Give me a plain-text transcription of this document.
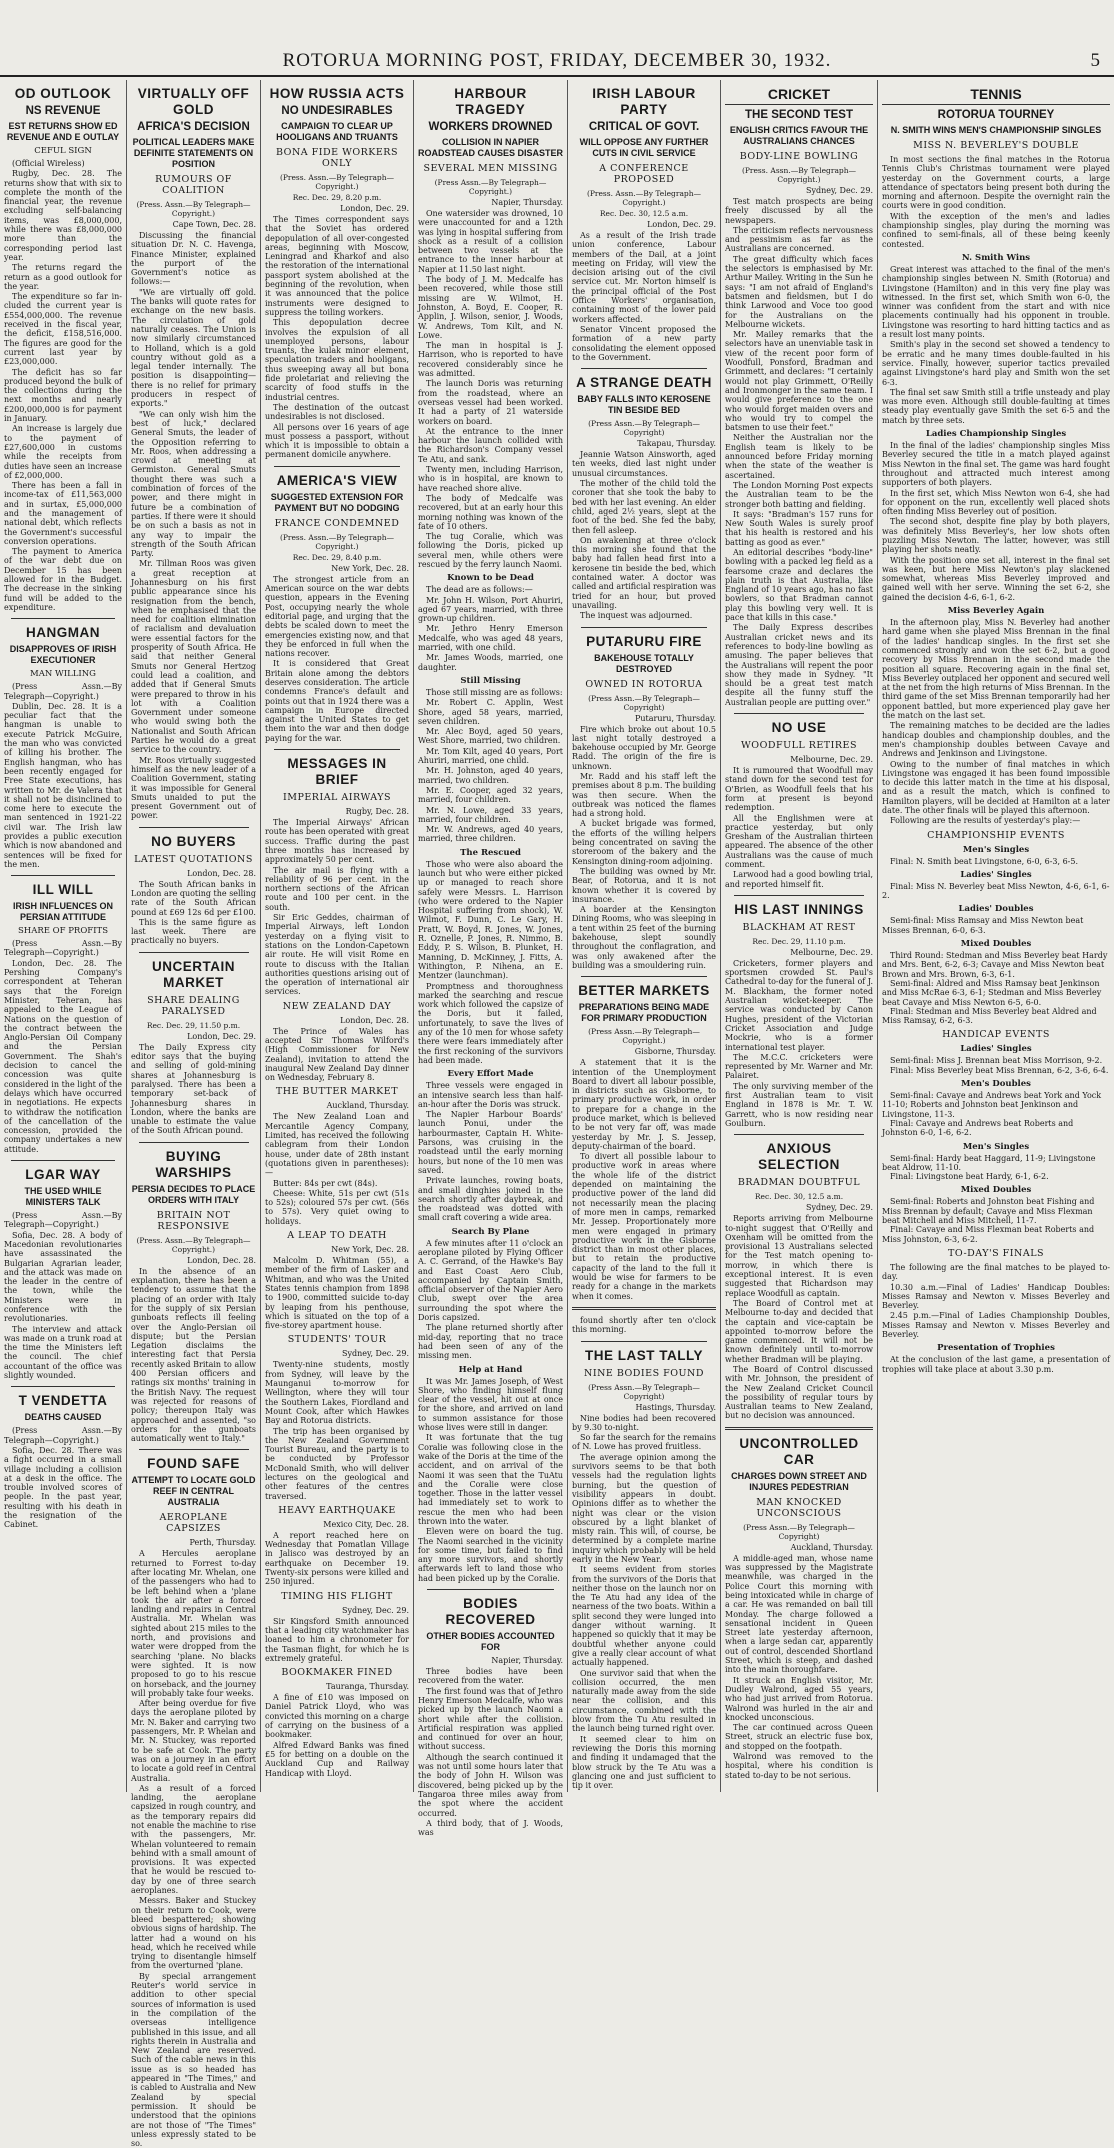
ROTORUA MORNING POST, FRIDAY, DECEMBER 30, 1932.	5
OD OUTLOOK
NS REVENUE
EST RETURNS SHOW ED REVENUE AND E OUTLAY
CEFUL SIGN

(Official Wireless)

Rugby, Dec. 28. The returns show that with six to complete the month of the financial year, the revenue excluding self-balancing items, was £8,000,000, while there was £8,000,000 more than the corresponding period last year.

The returns regard the return as a good outlook for the year.

The expenditure so far in-cluded the current year is £554,000,000. The revenue received in the fiscal year, the deficit, £158,516,000. The figures are good for the current last year by £23,000,000.

The deficit has so far produced beyond the bulk of the collections during the next months and nearly £200,000,000 is for payment in January.

An increase is largely due to the payment of £27,600,000 in customs while the receipts from duties have seen an increase of £2,000,000.

There has been a fall in income-tax of £11,563,000 and in surtax, £5,000,000 and the management of national debt, which reflects the Government's successful conversion operations.

The payment to America of the war debt due on December 15 has been allowed for in the Budget. The decrease in the sinking fund will be added to the expenditure.

HANGMAN
DISAPPROVES OF IRISH EXECUTIONER
MAN WILLING

(Press Assn.—By Telegraph—Copyright.)

Dublin, Dec. 28. It is a peculiar fact that the hangman is unable to execute Patrick McGuire, the man who was convicted of killing his brother. The English hangman, who has been recently engaged for Free State executions, has written to Mr. de Valera that it shall not be disinclined to come here to execute the man sentenced in 1921-22 civil war. The Irish law provides a public execution which is now abandoned and sentences will be fixed for the men.

ILL WILL
IRISH INFLUENCES ON PERSIAN ATTITUDE
SHARE OF PROFITS

(Press Assn.—By Telegraph—Copyright.)

London, Dec. 28. The Pershing Company's correspondent at Teheran says that the Foreign Minister, Teheran, has appealed to the League of Nations on the question of the contract between the Anglo-Persian Oil Company and the Persian Government. The Shah's decision to cancel the concession was quite considered in the light of the delays which have occurred in negotiations. He expects to withdraw the notification of the cancellation of the concession, provided the company undertakes a new attitude.

LGAR WAY
THE USED WHILE MINISTERS TALK

(Press Assn.—By Telegraph—Copyright.)

Sofia, Dec. 28. A body of Macedonian revolutionaries have assassinated the Bulgarian Agrarian leader, and the attack was made on the leader in the centre of the town, while the Ministers were in conference with the revolutionaries.

The interview and attack was made on a trunk road at the time the Ministers left the council. The chief accountant of the office was slightly wounded.

T VENDETTA
DEATHS CAUSED

(Press Assn.—By Telegraph—Copyright.)

Sofia, Dec. 28. There was a fight occurred in a small village including a collision at a desk in the office. The trouble involved scores of people. In the past year, resulting with his death in the resignation of the Cabinet.

VIRTUALLY OFF GOLD
AFRICA'S DECISION
POLITICAL LEADERS MAKE DEFINITE STATEMENTS ON POSITION
RUMOURS OF COALITION
(Press. Assn.—By Telegraph—Copyright.)
Cape Town, Dec. 28.

Discussing the financial situation Dr. N. C. Havenga, Finance Minister, explained the purport of the Government's notice as follows:—

"We are virtually off gold. The banks will quote rates for exchange on the new basis. The circulation of gold naturally ceases. The Union is now similarly circumstanced to Holland, which is a gold country without gold as a legal tender internally. The position is disappointing—there is no relief for primary producers in respect of exports."

"We can only wish him the best of luck," declared General Smuts, the leader of the Opposition referring to Mr. Roos, when addressing a crowd at meeting at Germiston. General Smuts thought there was such a combination of forces of the power, and there might in future be a combination of parties. If there were it should be on such a basis as not in any way to impair the strength of the South African Party.

Mr. Tillman Roos was given a great reception at Johannesburg on his first public appearance since his resignation from the bench, when he emphasised that the need for coalition elimination of racialism and devaluation were essential factors for the prosperity of South Africa. He said that neither General Smuts nor General Hertzog could lead a coalition, and added that if General Smuts were prepared to throw in his lot with a Coalition Government under someone who would swing both the Nationalist and South African Parties he would do a great service to the country.

Mr. Roos virtually suggested himself as the new leader of a Coalition Government, stating it was impossible for General Smuts unaided to put the present Government out of power.

NO BUYERS
LATEST QUOTATIONS
London, Dec. 28.

The South African banks in London are quoting the selling rate of the South African pound at £69 12s 6d per £100.

This is the same figure as last week. There are practically no buyers.

UNCERTAIN MARKET
SHARE DEALING PARALYSED
Rec. Dec. 29, 11.50 p.m.
London, Dec. 29.

The Daily Express city editor says that the buying and selling of gold-mining shares at Johannesburg is paralysed. There has been a temporary set-back of Johannesburg shares in London, where the banks are unable to estimate the value of the South African pound.

BUYING WARSHIPS
PERSIA DECIDES TO PLACE ORDERS WITH ITALY
BRITAIN NOT RESPONSIVE
(Press. Assn.—By Telegraph—Copyright.)
London, Dec. 28.

In the absence of an explanation, there has been a tendency to assume that the placing of an order with Italy for the supply of six Persian gunboats reflects ill feeling over the Anglo-Persian oil dispute; but the Persian Legation disclaims the interesting fact that Persia recently asked Britain to allow 400 Persian officers and ratings six months' training in the British Navy. The request was rejected for reasons of policy; thereupon Italy was approached and assented, "so orders for the gunboats automatically went to Italy."

FOUND SAFE
ATTEMPT TO LOCATE GOLD REEF IN CENTRAL AUSTRALIA
AEROPLANE CAPSIZES
Perth, Thursday.

A Hercules aeroplane returned to Forrest to-day after locating Mr. Whelan, one of the passengers who had to be left behind when a 'plane took the air after a forced landing and repairs in Central Australia. Mr. Whelan was sighted about 215 miles to the north, and provisions and water were dropped from the searching 'plane. No blacks were sighted. It is now proposed to go to his rescue on horseback, and the journey will probably take four weeks.

After being overdue for five days the aeroplane piloted by Mr. N. Baker and carrying two passengers, Mr. P. Whelan and Mr. N. Stuckey, was reported to be safe at Cook. The party was on a journey in an effort to locate a gold reef in Central Australia.

As a result of a forced landing, the aeroplane capsized in rough country, and as the temporary repairs did not enable the machine to rise with the passengers, Mr. Whelan volunteered to remain behind with a small amount of provisions. It was expected that he would be rescued to-day by one of three search aeroplanes.

Messrs. Baker and Stuckey on their return to Cook, were bleed bespattered; showing obvious signs of hardship. The latter had a wound on his head, which he received while trying to disentangle himself from the overturned 'plane.

By special arrangement Reuter's world service in addition to other special sources of information is used in the compilation of the overseas intelligence published in this issue, and all rights therein in Australia and New Zealand are reserved. Such of the cable news in this issue as is so headed has appeared in "The Times," and is cabled to Australia and New Zealand by special permission. It should be understood that the opinions are not those of "The Times" unless expressly stated to be so.

HOW RUSSIA ACTS
NO UNDESIRABLES
CAMPAIGN TO CLEAR UP HOOLIGANS AND TRUANTS
BONA FIDE WORKERS ONLY
(Press. Assn.—By Telegraph—Copyright.)
Rec. Dec. 29, 8.20 p.m.
London, Dec. 29.

The Times correspondent says that the Soviet has ordered depopulation of all over-congested areas, beginning with Moscow, Leningrad and Kharkof and also the restoration of the international passport system abolished at the beginning of the revolution, when it was announced that the police instruments were designed to suppress the toiling workers.

This depopulation decree involves the expulsion of all unemployed persons, labour truants, the kulak minor element, speculation traders and hooligans, thus sweeping away all but bona fide proletariat and relieving the scarcity of food stuffs in the industrial centres.

The destination of the outcast undesirables is not disclosed.

All persons over 16 years of age must possess a passport, without which it is impossible to obtain a permanent domicile anywhere.

AMERICA'S VIEW
SUGGESTED EXTENSION FOR PAYMENT BUT NO DODGING
FRANCE CONDEMNED
(Press. Assn.—By Telegraph—Copyright.)
Rec. Dec. 29, 8.40 p.m.
New York, Dec. 28.

The strongest article from an American source on the war debts question, appears in the Evening Post, occupying nearly the whole editorial page, and urging that the debts be scaled down to meet the emergencies existing now, and that they be enforced in full when the nations recover.

It is considered that Great Britain alone among the debtors deserves consideration. The article condemns France's default and points out that in 1924 there was a campaign in Europe directed against the United States to get them into the war and then dodge paying for the war.

MESSAGES IN BRIEF
IMPERIAL AIRWAYS
Rugby, Dec. 28.

The Imperial Airways' African route has been operated with great success. Traffic during the past three months has increased by approximately 50 per cent.

The air mail is flying with a reliability of 96 per cent. in the northern sections of the African route and 100 per cent. in the south.

Sir Eric Geddes, chairman of Imperial Airways, left London yesterday on a flying visit to stations on the London-Capetown air route. He will visit Rome en route to discuss with the Italian authorities questions arising out of the operation of international air services.

NEW ZEALAND DAY
London, Dec. 28.

The Prince of Wales has accepted Sir Thomas Wilford's (High Commissioner for New Zealand), invitation to attend the inaugural New Zealand Day dinner on Wednesday, February 8.

THE BUTTER MARKET
Auckland, Thursday.

The New Zealand Loan and Mercantile Agency Company, Limited, has received the following cablegram from their London house, under date of 28th instant (quotations given in parentheses):—

Butter: 84s per cwt (84s).

Cheese: White, 51s per cwt (51s to 52s); coloured 57s per cwt. (56s to 57s). Very quiet owing to holidays.

A LEAP TO DEATH
New York, Dec. 28.

Malcolm D. Whitman (55), a member of the firm of Lasker and Whitman, and who was the United States tennis champion from 1898 to 1900, committed suicide to-day by leaping from his penthouse, which is situated on the top of a five-storey apartment house.

STUDENTS' TOUR
Sydney, Dec. 29.

Twenty-nine students, mostly from Sydney, will leave by the Maunganui to-morrow for Wellington, where they will tour the Southern Lakes, Fiordland and Mount Cook, after which Hawkes Bay and Rotorua districts.

The trip has been organised by the New Zealand Government Tourist Bureau, and the party is to be conducted by Professor McDonald Smith, who will deliver lectures on the geological and other features of the centres traversed.

HEAVY EARTHQUAKE
Mexico City, Dec. 28.

A report reached here on Wednesday that Pomatlan Village in Jalisco was destroyed by an earthquake on December 19. Twenty-six persons were killed and 250 injured.

TIMING HIS FLIGHT
Sydney, Dec. 29.

Sir Kingsford Smith announced that a leading city watchmaker has loaned to him a chronometer for the Tasman flight, for which he is extremely grateful.

BOOKMAKER FINED
Tauranga, Thursday.

A fine of £10 was imposed on Daniel Patrick Lloyd, who was convicted this morning on a charge of carrying on the business of a bookmaker.

Alfred Edward Banks was fined £5 for betting on a double on the Auckland Cup and Railway Handicap with Lloyd.

HARBOUR TRAGEDY
WORKERS DROWNED
COLLISION IN NAPIER ROADSTEAD CAUSES DISASTER
SEVERAL MEN MISSING
(Press Assn.—By Telegraph—Copyright.)
Napier, Thursday.

One watersider was drowned, 10 were unaccounted for and a 12th was lying in hospital suffering from shock as a result of a collision between two vessels at the entrance to the inner harbour at Napier at 11.50 last night.

The body of J. M. Medcalfe has been recovered, while those still missing are W. Wilmot, H. Johnston, A. Boyd, E. Cooper, R. Applin, J. Wilson, senior, J. Woods, W. Andrews, Tom Kilt, and N. Lowe.

The man in hospital is J. Harrison, who is reported to have recovered considerably since he was admitted.

The launch Doris was returning from the roadstead, where an overseas vessel had been worked. It had a party of 21 waterside workers on board.

At the entrance to the inner harbour the launch collided with the Richardson's Company vessel Te Atu, and sank.

Twenty men, including Harrison, who is in hospital, are known to have reached shore alive.

The body of Medcalfe was recovered, but at an early hour this morning nothing was known of the fate of 10 others.

The tug Coralie, which was following the Doris, picked up several men, while others were rescued by the ferry launch Naomi.

Known to be Dead

The dead are as follows:—

Mr. John H. Wilson, Port Ahuriri, aged 67 years, married, with three grown-up children.

Mr. Jethro Henry Emerson Medcalfe, who was aged 48 years, married, with one child.

Mr. James Woods, married, one daughter.

Still Missing

Those still missing are as follows:

Mr. Robert C. Applin, West Shore, aged 58 years, married, seven children.

Mr. Alec Boyd, aged 50 years, West Shore, married, two children.

Mr. Tom Kilt, aged 40 years, Port Ahuriri, married, one child.

Mr. H. Johnston, aged 40 years, married, two children.

Mr. E. Cooper, aged 32 years, married, four children.

Mr. N. Lowe, aged 33 years, married, four children.

Mr. W. Andrews, aged 40 years, married, three children.

The Rescued

Those who were also aboard the launch but who were either picked up or managed to reach shore safely were Messrs. L. Harrison (who were ordered to the Napier Hospital suffering from shock), W. Wilmot, F. Dunn, C. Le Gary, H. Pratt, W. Boyd, R. Jones, W. Jones, R. Oznelle, P. Jones, R. Nimmo, B. Eddy, P. S. Wilson, B. Plunket, H. Manning, D. McKinney, J. Fitts, A. Withington, P. Nihena, an E. Mentzer (launchman).

Promptness and thoroughness marked the searching and rescue work which followed the capsize of the Doris, but it failed, unfortunately, to save the lives of any of the 10 men for whose safety there were fears immediately after the first reckoning of the survivors had been made.

Every Effort Made

Three vessels were engaged in an intensive search less than half-an-hour after the Doris was struck.

The Napier Harbour Boards' launch Ponui, under the harbourmaster, Captain H. White-Parsons, was cruising in the roadstead until the early morning hours, but none of the 10 men was saved.

Private launches, rowing boats, and small dinghies joined in the search shortly after daybreak, and the roadstead was dotted with small craft covering a wide area.

Search By Plane

A few minutes after 11 o'clock an aeroplane piloted by Flying Officer A. C. Gerrand, of the Hawke's Bay and East Coast Aero Club, accompanied by Captain Smith, official observer of the Napier Aero Club, swept over the area surrounding the spot where the Doris capsized.

The plane returned shortly after mid-day, reporting that no trace had been seen of any of the missing men.

Help at Hand

It was Mr. James Joseph, of West Shore, who finding himself flung clear of the vessel, hit out at once for the shore, and arrived on land to summon assistance for those whose lives were still in danger.

It was fortunate that the tug Coralie was following close in the wake of the Doris at the time of the accident, and on arrival of the Naomi it was seen that the TuAtu and the Coralie were close together. Those in the latter vessel had immediately set to work to rescue the men who had been thrown into the water.

Eleven were on board the tug. The Naomi searched in the vicinity for some time, but failed to find any more survivors, and shortly afterwards left to land those who had been picked up by the Coralie.

BODIES RECOVERED
OTHER BODIES ACCOUNTED FOR
Napier, Thursday.

Three bodies have been recovered from the water.

The first found was that of Jethro Henry Emerson Medcalfe, who was picked up by the launch Naomi a short while after the collision. Artificial respiration was applied and continued for over an hour, without success.

Although the search continued it was not until some hours later that the body of John H. Wilson was discovered, being picked up by the Tangaroa three miles away from the spot where the accident occurred.

A third body, that of J. Woods, was

IRISH LABOUR PARTY
CRITICAL OF GOVT.
WILL OPPOSE ANY FURTHER CUTS IN CIVIL SERVICE
A CONFERENCE PROPOSED
(Press. Assn.—By Telegraph—Copyright.)
Rec. Dec. 30, 12.5 a.m.
London, Dec. 29.

As a result of the Irish trade union conference, Labour members of the Dail, at a joint meeting on Friday, will view the decision arising out of the civil service cut. Mr. Norton himself is the principal official of the Post Office Workers' organisation, containing most of the lower paid workers affected.

Senator Vincent proposed the formation of a new party consolidating the element opposed to the Government.

A STRANGE DEATH
BABY FALLS INTO KEROSENE TIN BESIDE BED
(Press Assn.—By Telegraph—Copyright)
Takapau, Thursday.

Jeannie Watson Ainsworth, aged ten weeks, died last night under unusual circumstances.

The mother of the child told the coroner that she took the baby to bed with her last evening. An elder child, aged 2½ years, slept at the foot of the bed. She fed the baby, then fell asleep.

On awakening at three o'clock this morning she found that the baby had fallen head first into a kerosene tin beside the bed, which contained water. A doctor was called and artificial respiration was tried for an hour, but proved unavailing.

The inquest was adjourned.

PUTARURU FIRE
BAKEHOUSE TOTALLY DESTROYED
OWNED IN ROTORUA
(Press Assn.—By Telegraph—Copyright)
Putaruru, Thursday.

Fire which broke out about 10.5 last night totally destroyed a bakehouse occupied by Mr. George Radd. The origin of the fire is unknown.

Mr. Radd and his staff left the premises about 8 p.m. The building was then secure. When the outbreak was noticed the flames had a strong hold.

A bucket brigade was formed, the efforts of the willing helpers being concentrated on saving the storeroom of the bakery and the Kensington dining-room adjoining.

The building was owned by Mr. Bear, of Rotorua, and it is not known whether it is covered by insurance.

A boarder at the Kensington Dining Rooms, who was sleeping in a tent within 25 feet of the burning bakehouse, slept soundly throughout the conflagration, and was only awakened after the building was a smouldering ruin.

BETTER MARKETS
PREPARATIONS BEING MADE FOR PRIMARY PRODUCTION
(Press Assn.—By Telegraph—Copyright.)
Gisborne, Thursday.

A statement that it is the intention of the Unemployment Board to divert all labour possible, in districts such as Gisborne, to primary productive work, in order to prepare for a change in the produce market, which is believed to be not very far off, was made yesterday by Mr. J. S. Jessep, deputy-chairman of the board.

To divert all possible labour to productive work in areas where the whole life of the district depended on maintaining the productive power of the land did not necessarily mean the placing of more men in camps, remarked Mr. Jessep. Proportionately more men were engaged in primary productive work in the Gisborne district than in most other places, but to retain the productive capacity of the land to the full it would be wise for farmers to be ready for a change in the markets when it comes.

found shortly after ten o'clock this morning.

THE LAST TALLY
NINE BODIES FOUND
(Press Assn.—By Telegraph—Copyright)
Hastings, Thursday.

Nine bodies had been recovered by 9.30 to-night.

So far the search for the remains of N. Lowe has proved fruitless.

The average opinion among the survivors seems to be that both vessels had the regulation lights burning, but the question of visibility appears in doubt. Opinions differ as to whether the night was clear or the vision obscured by a light blanket of misty rain. This will, of course, be determined by a complete marine inquiry which probably will be held early in the New Year.

It seems evident from stories from the survivors of the Doris that neither those on the launch nor on the Te Atu had any idea of the nearness of the two boats. Within a split second they were lunged into danger without warning. It happened so quickly that it may be doubtful whether anyone could give a really clear account of what actually happened.

One survivor said that when the collision occurred, the men naturally made away from the side near the collision, and this circumstance, combined with the blow from the Tu Atu resulted in the launch being turned right over.

It seemed clear to him on reviewing the Doris this morning and finding it undamaged that the blow struck by the Te Atu was a glancing one and just sufficient to tip it over.

CRICKET
THE SECOND TEST
ENGLISH CRITICS FAVOUR THE AUSTRALIANS CHANCES
BODY-LINE BOWLING
(Press. Assn.—By Telegraph—Copyright.)
Sydney, Dec. 29.

Test match prospects are being freely discussed by all the newspapers.

The criticism reflects nervousness and pessimism as far as the Australians are concerned.

The great difficulty which faces the selectors is emphasised by Mr. Arthur Mailey. Writing in the Sun he says: "I am not afraid of England's batsmen and fieldsmen, but I do think Larwood and Voce too good for the Australians on the Melbourne wickets.

Mr. Mailey remarks that the selectors have an unenviable task in view of the recent poor form of Woodfull, Ponsford, Bradman and Grimmett, and declares: "I certainly would not play Grimmett, O'Reilly and Ironmonger in the same team. I would give preference to the one who would forget maiden overs and who would try to compel the batsmen to use their feet."

Neither the Australian nor the English team is likely to be announced before Friday morning when the state of the weather is ascertained.

The London Morning Post expects the Australian team to be the stronger both batting and fielding.

It says: "Bradman's 157 runs for New South Wales is surely proof that his health is restored and his batting as good as ever."

An editorial describes "body-line" bowling with a packed leg field as a fearsome craze and declares the plain truth is that Australia, like England of 10 years ago, has no fast bowlers, so that Bradman cannot play this bowling very well. It is pace that kills in this case."

The Daily Express describes Australian cricket news and its references to body-line bowling as amusing. The paper believes that the Australians will repent the poor show they made in Sydney. "It should be a great test match despite all the funny stuff the Australian people are putting over."

NO USE
WOODFULL RETIRES
Melbourne, Dec. 29.

It is rumoured that Woodfull may stand down for the second test for O'Brien, as Woodfull feels that his form at present is beyond redemption.

All the Englishmen were at practice yesterday, but only Gresham of the Australian thirteen appeared. The absence of the other Australians was the cause of much comment.

Larwood had a good bowling trial, and reported himself fit.

HIS LAST INNINGS
BLACKHAM AT REST
Rec. Dec. 29, 11.10 p.m.
Melbourne, Dec. 29.

Cricketers, former players and sportsmen crowded St. Paul's Cathedral to-day for the funeral of J. M. Blackham, the former noted Australian wicket-keeper. The service was conducted by Canon Hughes, president of the Victorian Cricket Association and Judge Mockrie, who is a former international test player.

The M.C.C. cricketers were represented by Mr. Warner and Mr. Palairet.

The only surviving member of the first Australian team to visit England in 1878 is Mr. T. W. Garrett, who is now residing near Goulburn.

ANXIOUS SELECTION
BRADMAN DOUBTFUL
Rec. Dec. 30, 12.5 a.m.
Sydney, Dec. 29.

Reports arriving from Melbourne to-night suggest that O'Reilly and Oxenham will be omitted from the provisional 13 Australians selected for the Test match opening to-morrow, in which there is exceptional interest. It is even suggested that Richardson may replace Woodfull as captain.

The Board of Control met at Melbourne to-day and decided that the captain and vice-captain be appointed to-morrow before the game commenced. It will not be known definitely until to-morrow whether Bradman will be playing.

The Board of Control discussed with Mr. Johnson, the president of the New Zealand Cricket Council the possibility of regular tours by Australian teams to New Zealand, but no decision was announced.

UNCONTROLLED CAR
CHARGES DOWN STREET AND INJURES PEDESTRIAN
MAN KNOCKED UNCONSCIOUS
(Press Assn.—By Telegraph—Copyright)
Auckland, Thursday.

A middle-aged man, whose name was suppressed by the Magistrate meanwhile, was charged in the Police Court this morning with being intoxicated while in charge of a car. He was remanded on bail till Monday. The charge followed a sensational incident in Queen Street late yesterday afternoon, when a large sedan car, apparently out of control, descended Shortland Street, which is steep, and dashed into the main thoroughfare.

It struck an English visitor, Mr. Dudley Walrond, aged 55 years, who had just arrived from Rotorua. Walrond was hurled in the air and knocked unconscious.

The car continued across Queen Street, struck an electric fuse box, and stopped on the footpath.

Walrond was removed to the hospital, where his condition is stated to-day to be not serious.

TENNIS
ROTORUA TOURNEY
N. SMITH WINS MEN'S CHAMPIONSHIP SINGLES
MISS N. BEVERLEY'S DOUBLE

In most sections the final matches in the Rotorua Tennis Club's Christmas tournament were played yesterday on the Government courts, a large attendance of spectators being present both during the morning and afternoon. Despite the overnight rain the courts were in good condition.

With the exception of the men's and ladies championship singles, play during the morning was confined to semi-finals, all of these being keenly contested.

N. Smith Wins

Great interest was attached to the final of the men's championship singles between N. Smith (Rotorua) and Livingstone (Hamilton) and in this very fine play was witnessed. In the first set, which Smith won 6-0, the winner was confident from the start and with nice placements continually had his opponent in trouble. Livingstone was resorting to hard hitting tactics and as a result lost many points.

Smith's play in the second set showed a tendency to be erratic and he many times double-faulted in his service. Finally, however, superior tactics prevailed against Livingstone's hard play and Smith won the set 6-3.

The final set saw Smith still a trifle unsteady and play was more even. Although still double-faulting at times steady play eventually gave Smith the set 6-5 and the match by three sets.

Ladies Championship Singles

In the final of the ladies' championship singles Miss Beverley secured the title in a match played against Miss Newton in the final set. The game was hard fought throughout and attracted much interest among supporters of both players.

In the first set, which Miss Newton won 6-4, she had for opponent on the run, excellently well placed shots often finding Miss Beverley out of position.

The second shot, despite fine play by both players, was definitely Miss Beverley's, her low shots often puzzling Miss Newton. The latter, however, was still playing her shots neatly.

With the position one set all, interest in the final set was keen, but here Miss Newton's play slackened somewhat, whereas Miss Beverley improved and gained well with her serve. Winning the set 6-2, she gained the decision 4-6, 6-1, 6-2.

Miss Beverley Again

In the afternoon play, Miss N. Beverley had another hard game when she played Miss Brennan in the final of the ladies' handicap singles. In the first set she commenced strongly and won the set 6-2, but a good recovery by Miss Brennan in the second made the position all square. Recovering again in the final set, Miss Beverley outplaced her opponent and secured well at the net from the high returns of Miss Brennan. In the third game of the set Miss Brennan temporarily had her opponent battled, but more experienced play gave her the match on the last set.

The remaining matches to be decided are the ladies handicap doubles and championship doubles, and the men's championship doubles between Cavaye and Andrews and Jenkinson and Livingstone.

Owing to the number of final matches in which Livingstone was engaged it has been found impossible to decide this latter match in the time at his disposal, and as a result the match, which is confined to Hamilton players, will be decided at Hamilton at a later date. The other finals will be played this afternoon.

Following are the results of yesterday's play:—

CHAMPIONSHIP EVENTS
Men's Singles

Final: N. Smith beat Livingstone, 6-0, 6-3, 6-5.

Ladies' Singles

Final: Miss N. Beverley beat Miss Newton, 4-6, 6-1, 6-2.

Ladies' Doubles

Semi-final: Miss Ramsay and Miss Newton beat Misses Brennan, 6-0, 6-3.

Mixed Doubles

Third Round: Stedman and Miss Beverley beat Hardy and Mrs. Bent, 6-2, 6-3; Cavaye and Miss Newton beat Brown and Mrs. Brown, 6-3, 6-1.

Semi-final: Aldred and Miss Ramsay beat Jenkinson and Miss McRae 6-3, 6-1; Stedman and Miss Beverley beat Cavaye and Miss Newton 6-5, 6-0.

Final: Stedman and Miss Beverley beat Aldred and Miss Ramsay, 6-2, 6-3.

HANDICAP EVENTS
Ladies' Singles

Semi-final: Miss J. Brennan beat Miss Morrison, 9-2.

Final: Miss Beverley beat Miss Brennan, 6-2, 3-6, 6-4.

Men's Doubles

Semi-final: Cavaye and Andrews beat York and Yock 11-10; Roberts and Johnston beat Jenkinson and Livingstone, 11-3.

Final: Cavaye and Andrews beat Roberts and Johnston 6-0, 1-6, 6-2.

Men's Singles

Semi-final: Hardy beat Haggard, 11-9; Livingstone beat Aldrow, 11-10.

Final: Livingstone beat Hardy, 6-1, 6-2.

Mixed Doubles

Semi-final: Roberts and Johnston beat Fishing and Miss Brennan by default; Cavaye and Miss Flexman beat Mitchell and Miss Mitchell, 11-7.

Final: Cavaye and Miss Flexman beat Roberts and Miss Johnston, 6-3, 6-2.

TO-DAY'S FINALS

The following are the final matches to be played to-day.

10.30 a.m.—Final of Ladies' Handicap Doubles: Misses Ramsay and Newton v. Misses Beverley and Beverley.

2.45 p.m.—Final of Ladies Championship Doubles, Misses Ramsay and Newton v. Misses Beverley and Beverley.

Presentation of Trophies

At the conclusion of the last game, a presentation of trophies will take place at about 3.30 p.m.
